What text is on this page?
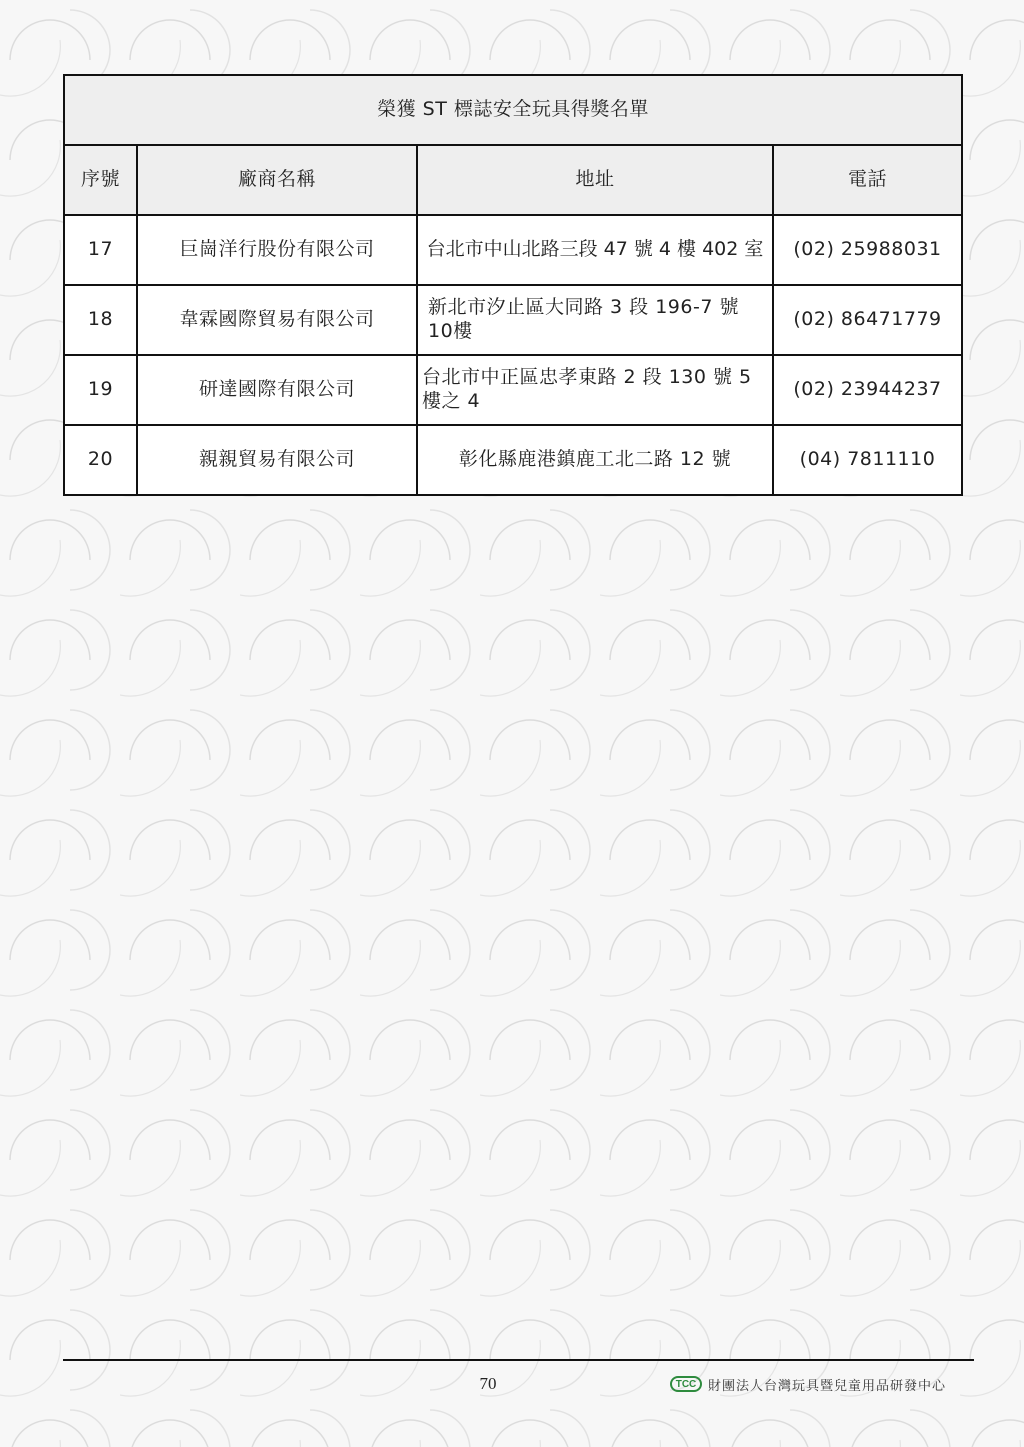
榮獲 ST 標誌安全玩具得獎名單			
序號	廠商名稱	地址	電話
17	巨崗洋行股份有限公司	台北市中山北路三段 47 號 4 樓 402 室	(02) 25988031
18	韋霖國際貿易有限公司	新北市汐止區大同路 3 段 196-7 號 10樓	(02) 86471779
19	研達國際有限公司	台北市中正區忠孝東路 2 段 130 號 5 樓之 4	(02) 23944237
20	親親貿易有限公司	彰化縣鹿港鎮鹿工北二路 12 號	(04) 7811110
70	TCC 財團法人台灣玩具暨兒童用品研發中心
